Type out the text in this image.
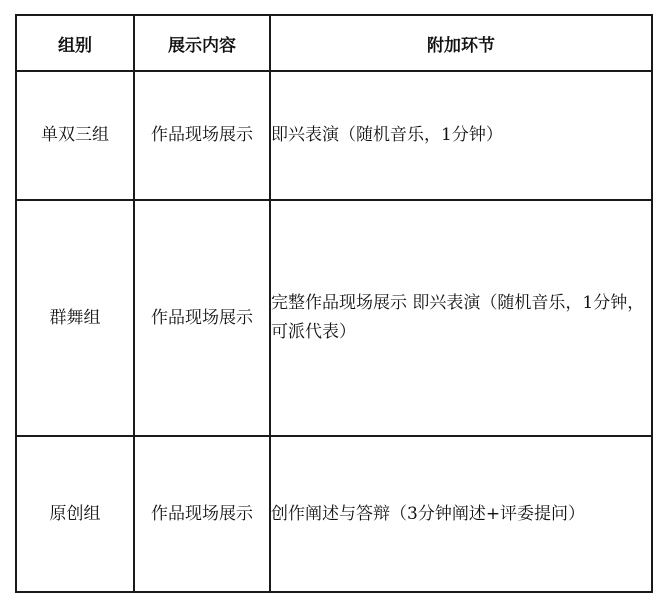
组别	展示内容	附加环节
单双三组	作品现场展示	即兴表演（随机音乐，1分钟）
群舞组	作品现场展示	完整作品现场展示 即兴表演（随机音乐，1分钟，可派代表）
原创组	作品现场展示	创作阐述与答辩（3分钟阐述+评委提问）
